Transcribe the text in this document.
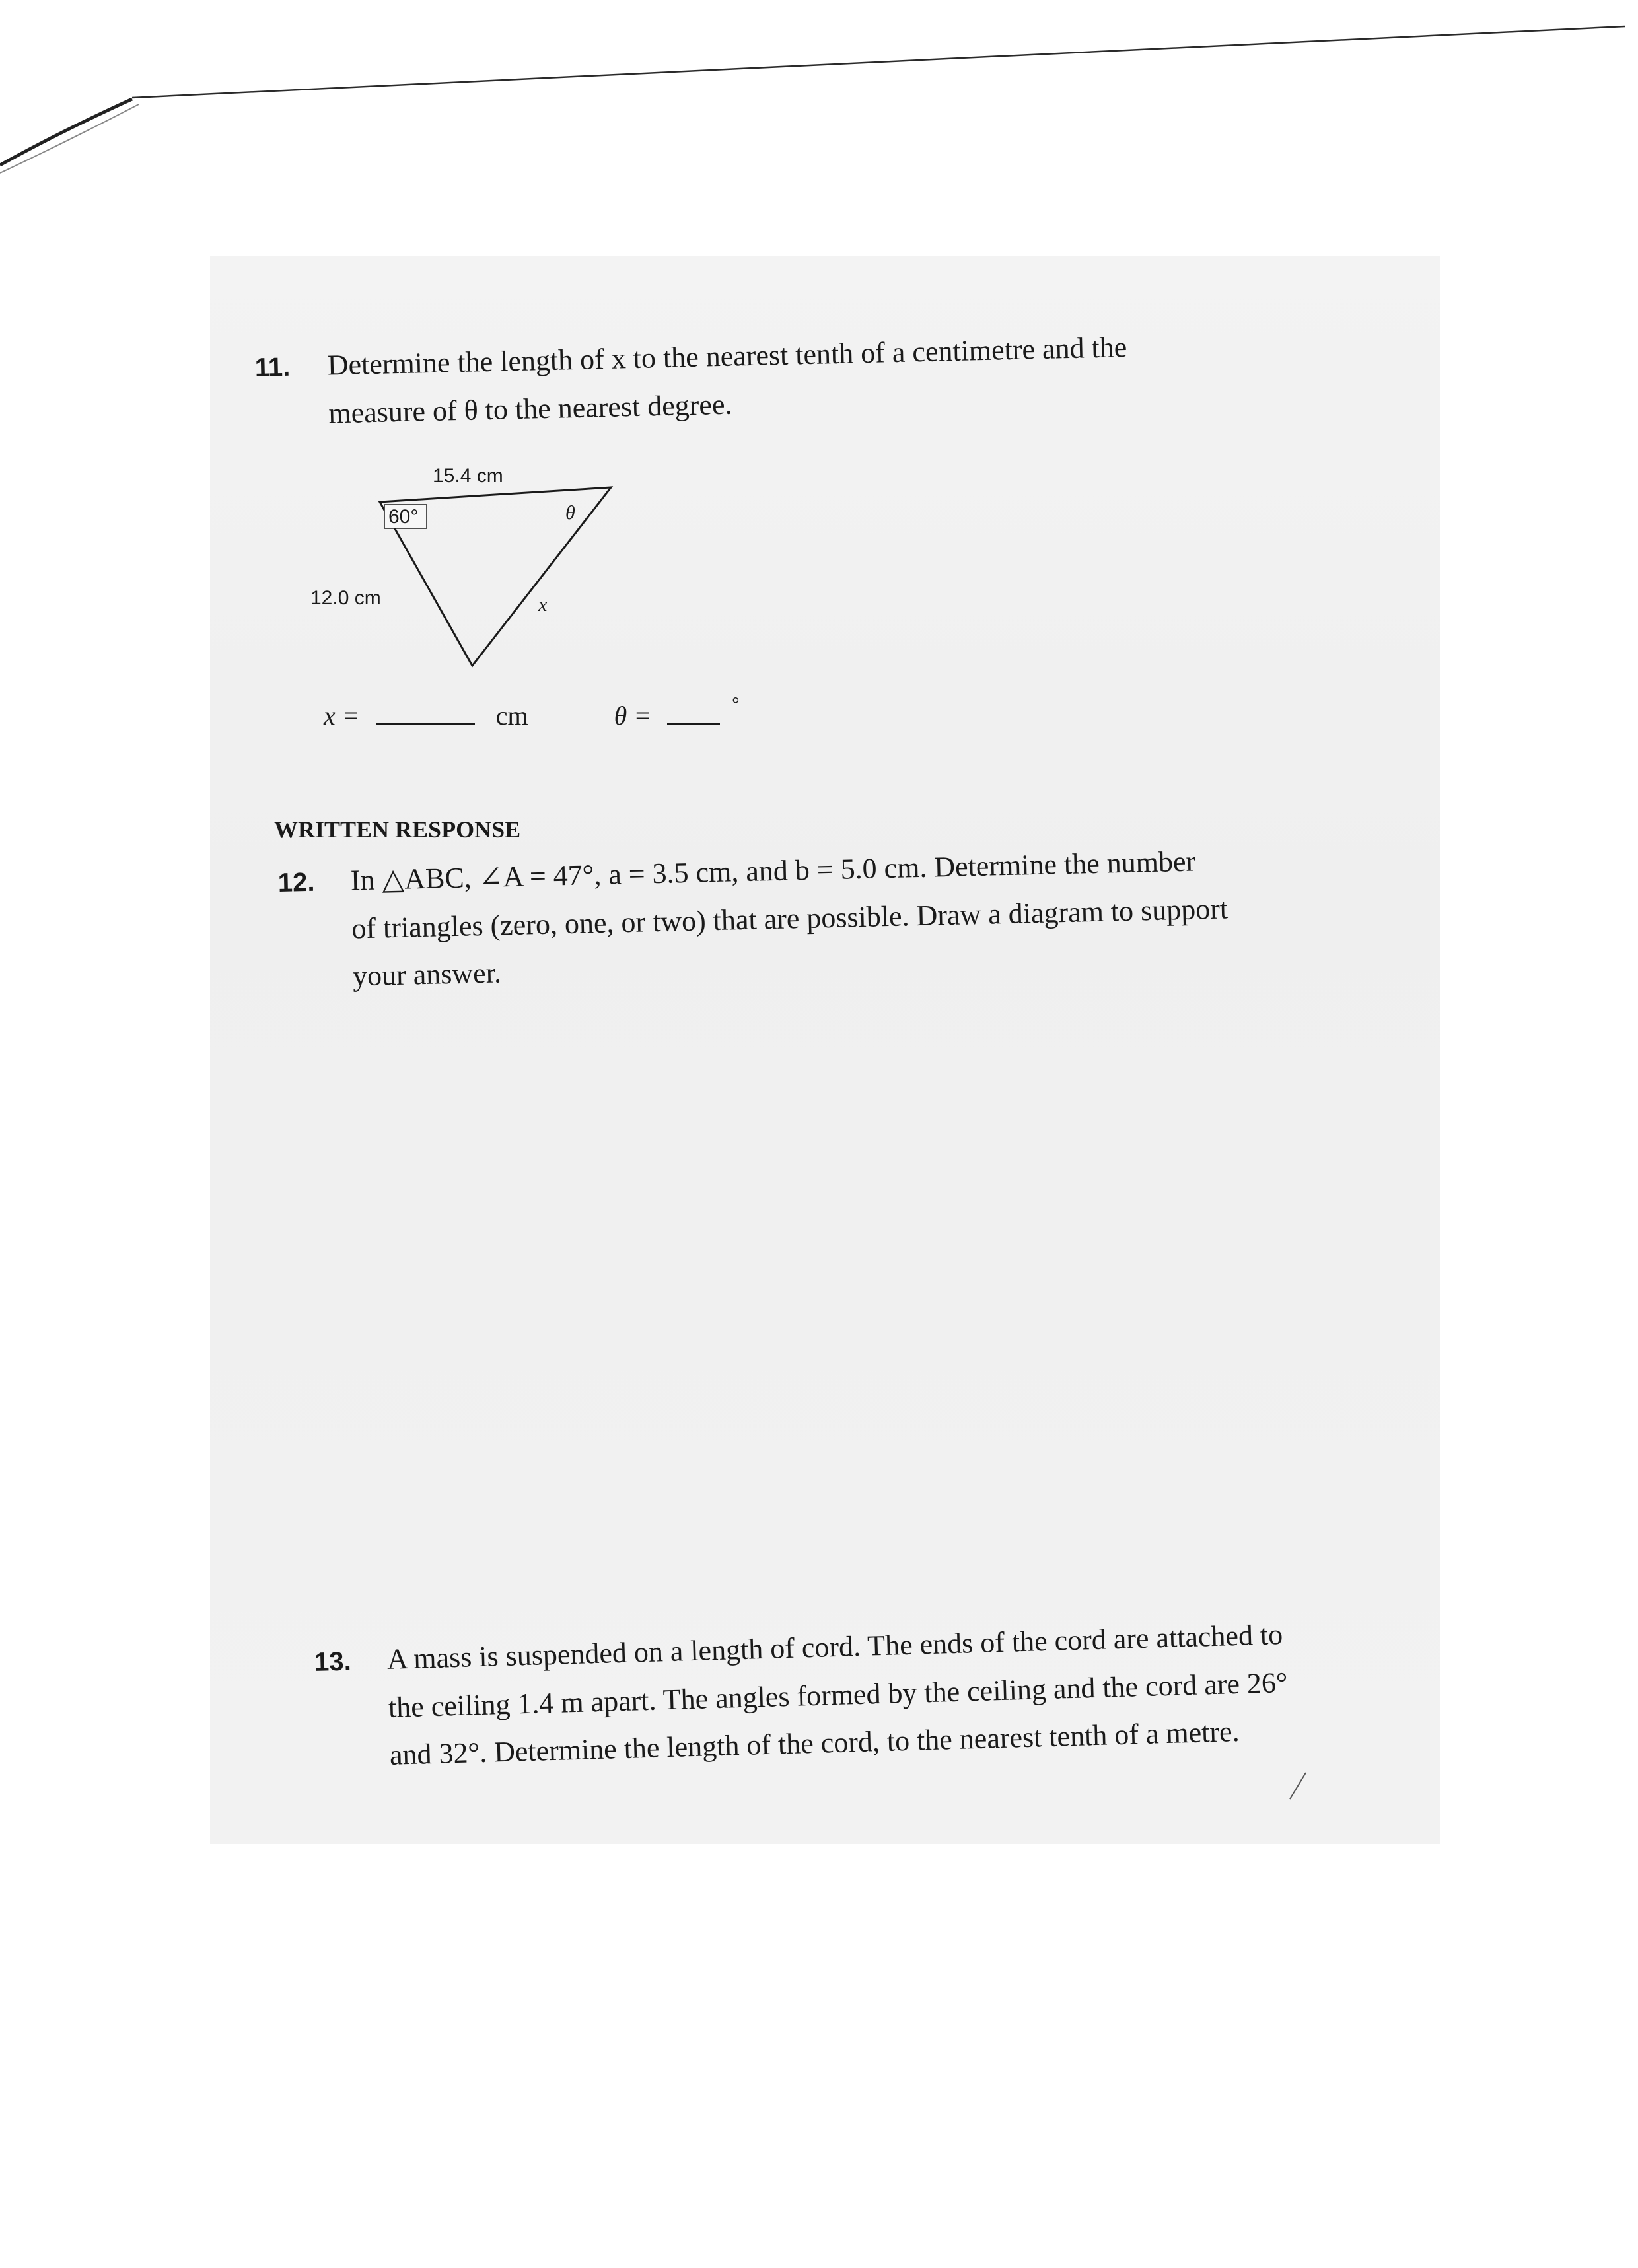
11. Determine the length of x to the nearest tenth of a centimetre and the
measure of θ to the nearest degree.
15.4 cm
60°	θ
12.0 cm	x
x =	cm	θ =	°
WRITTEN RESPONSE
12. In △ABC, ∠A = 47°, a = 3.5 cm, and b = 5.0 cm. Determine the number
of triangles (zero, one, or two) that are possible. Draw a diagram to support
your answer.
13. A mass is suspended on a length of cord. The ends of the cord are attached to
the ceiling 1.4 m apart. The angles formed by the ceiling and the cord are 26°
and 32°. Determine the length of the cord, to the nearest tenth of a metre.
